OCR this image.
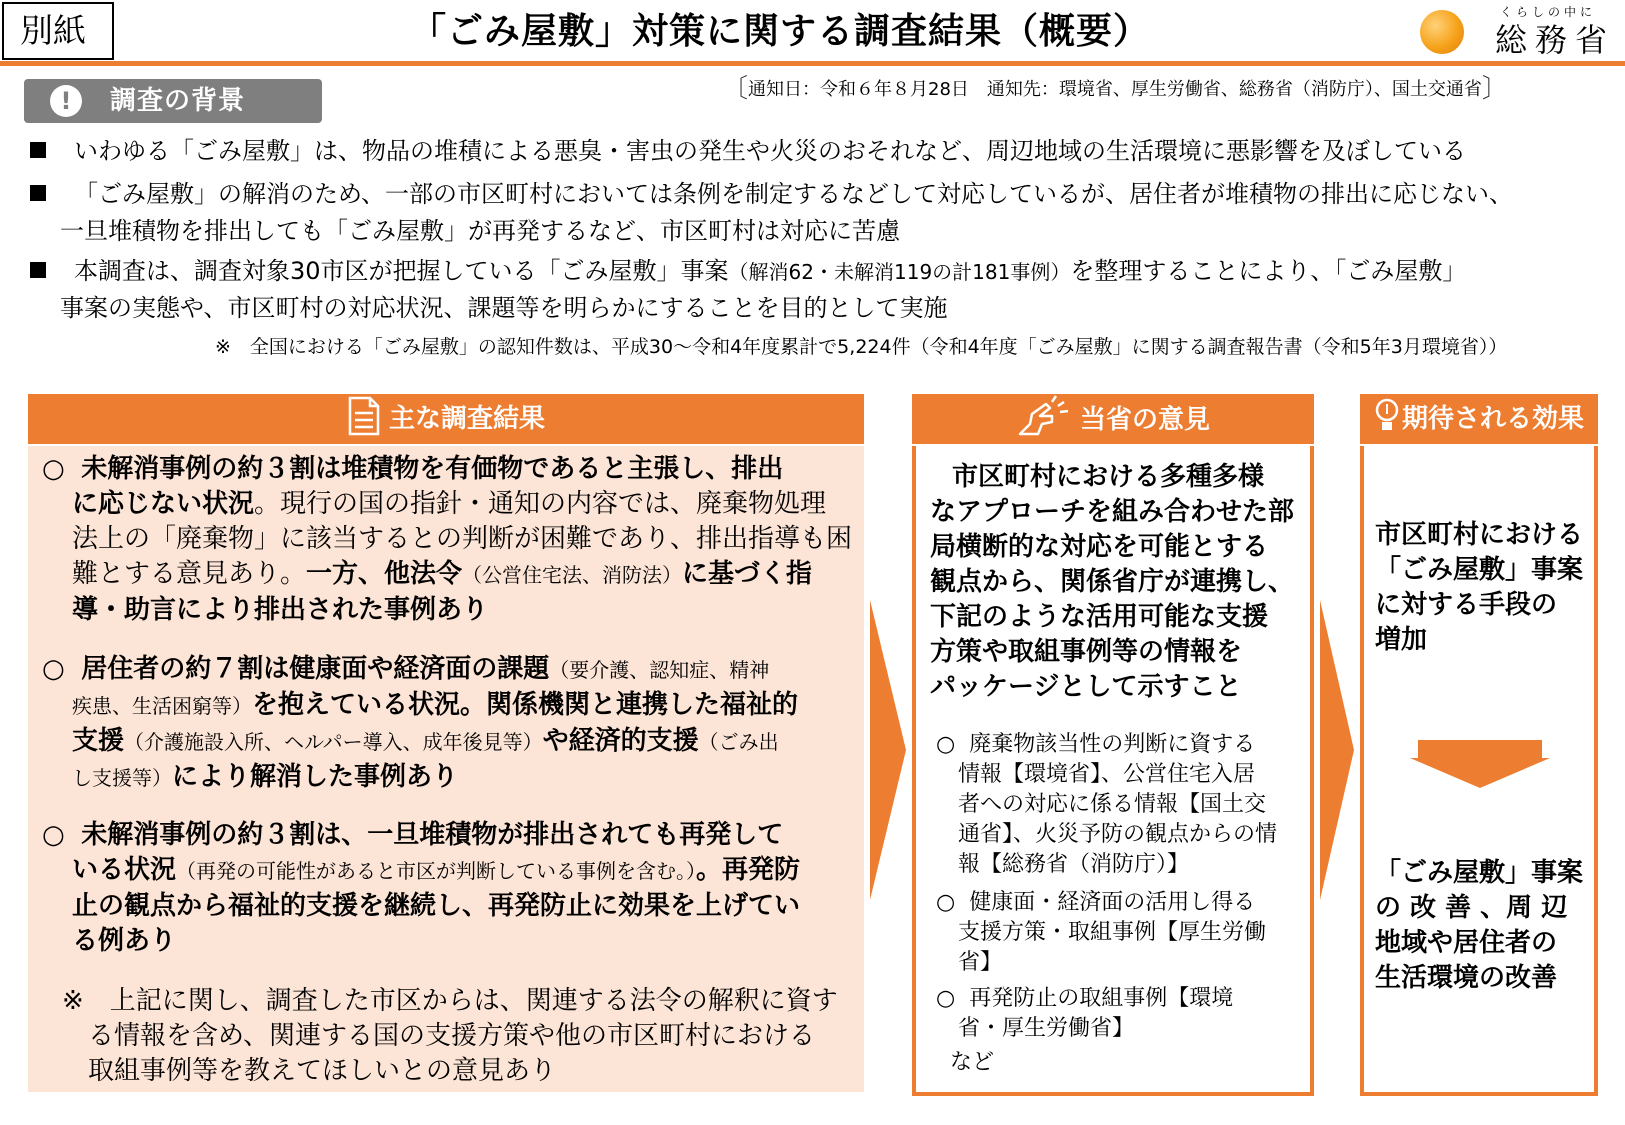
別紙	「ごみ屋敷」対策に関する調査結果（概要）	くらしの中に
総務省
〔通知日：令和６年８月28日　通知先：環境省、厚生労働省、総務省（消防庁）、国土交通省〕
!	調査の背景
いわゆる「ごみ屋敷」は、物品の堆積による悪臭・害虫の発生や火災のおそれなど、周辺地域の生活環境に悪影響を及ぼしている
「ごみ屋敷」の解消のため、一部の市区町村においては条例を制定するなどして対応しているが、居住者が堆積物の排出に応じない、
一旦堆積物を排出しても「ごみ屋敷」が再発するなど、市区町村は対応に苦慮
本調査は、調査対象30市区が把握している「ごみ屋敷」事案（解消62・未解消119の計181事例）を整理することにより、「ごみ屋敷」
事案の実態や、市区町村の対応状況、課題等を明らかにすることを目的として実施
※　全国における「ごみ屋敷」の認知件数は、平成30～令和4年度累計で5,224件（令和4年度「ごみ屋敷」に関する調査報告書（令和5年3月環境省））
主な調査結果
○ 未解消事例の約３割は堆積物を有価物であると主張し、排出
に応じない状況。現行の国の指針・通知の内容では、廃棄物処理
法上の「廃棄物」に該当するとの判断が困難であり、排出指導も困
難とする意見あり。一方、他法令（公営住宅法、消防法）に基づく指
導・助言により排出された事例あり
○ 居住者の約７割は健康面や経済面の課題（要介護、認知症、精神
疾患、生活困窮等）を抱えている状況。関係機関と連携した福祉的
支援（介護施設入所、ヘルパー導入、成年後見等）や経済的支援（ごみ出
し支援等）により解消した事例あり
○ 未解消事例の約３割は、一旦堆積物が排出されても再発して
いる状況（再発の可能性があると市区が判断している事例を含む。）。再発防
止の観点から福祉的支援を継続し、再発防止に効果を上げてい
る例あり
※　上記に関し、調査した市区からは、関連する法令の解釈に資す
る情報を含め、関連する国の支援方策や他の市区町村における
取組事例等を教えてほしいとの意見あり
当省の意見
市区町村における多種多様
なアプローチを組み合わせた部
局横断的な対応を可能とする
観点から、関係省庁が連携し、
下記のような活用可能な支援
方策や取組事例等の情報を
パッケージとして示すこと
○ 廃棄物該当性の判断に資する
情報【環境省】、公営住宅入居
者への対応に係る情報【国土交
通省】、火災予防の観点からの情
報【総務省（消防庁）】
○ 健康面・経済面の活用し得る
支援方策・取組事例【厚生労働
省】
○ 再発防止の取組事例【環境
省・厚生労働省】
など
期待される効果
市区町村における
「ごみ屋敷」事案
に対する手段の
増加
「ごみ屋敷」事案
の 改 善 、周 辺
地域や居住者の
生活環境の改善
